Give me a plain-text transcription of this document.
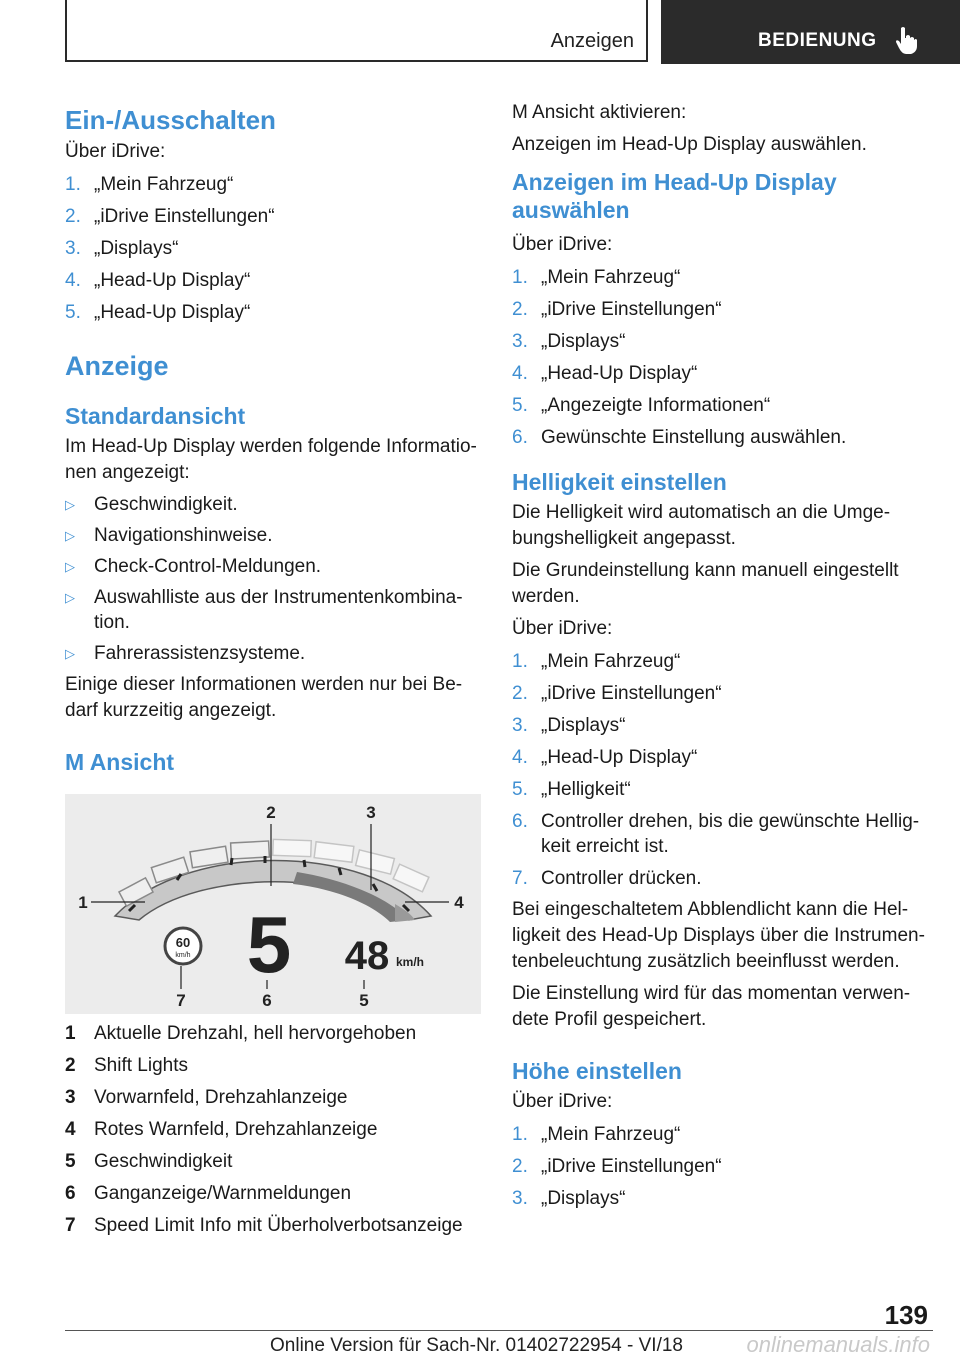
Anzeigen	BEDIENUNG
Ein-/Ausschalten

Über iDrive:

1. „Mein Fahrzeug“
2. „iDrive Einstellungen“
3. „Displays“
4. „Head-Up Display“
5. „Head-Up Display“
Anzeige
Standardansicht

Im Head-Up Display werden folgende Informatio-nen angezeigt:

▷	Geschwindigkeit.
▷	Navigationshinweise.
▷	Check-Control-Meldungen.
▷	Auswahlliste aus der Instrumentenkombina-tion.
▷	Fahrerassistenzsysteme.

Einige dieser Informationen werden nur bei Be-darf kurzzeitig angezeigt.

M Ansicht
60
km/h 5 48 km/h
1
2	3
4
5
6
7
1 Aktuelle Drehzahl, hell hervorgehoben
2 Shift Lights
3 Vorwarnfeld, Drehzahlanzeige
4 Rotes Warnfeld, Drehzahlanzeige
5 Geschwindigkeit
6 Ganganzeige/Warnmeldungen
7 Speed Limit Info mit Überholverbotsanzeige

M Ansicht aktivieren:

Anzeigen im Head-Up Display auswählen.

Anzeigen im Head-Up Display auswählen

Über iDrive:

1. „Mein Fahrzeug“
2. „iDrive Einstellungen“
3. „Displays“
4. „Head-Up Display“
5. „Angezeigte Informationen“
6. Gewünschte Einstellung auswählen.
Helligkeit einstellen

Die Helligkeit wird automatisch an die Umge-bungshelligkeit angepasst.

Die Grundeinstellung kann manuell eingestellt werden.

Über iDrive:

1. „Mein Fahrzeug“
2. „iDrive Einstellungen“
3. „Displays“
4. „Head-Up Display“
5. „Helligkeit“
6. Controller drehen, bis die gewünschte Hellig-keit erreicht ist.
7. Controller drücken.

Bei eingeschaltetem Abblendlicht kann die Hel-ligkeit des Head-Up Displays über die Instrumen-tenbeleuchtung zusätzlich beeinflusst werden.

Die Einstellung wird für das momentan verwen-dete Profil gespeichert.

Höhe einstellen

Über iDrive:

1. „Mein Fahrzeug“
2. „iDrive Einstellungen“
3. „Displays“
139
Online Version für Sach-Nr. 01402722954 - VI/18	onlinemanuals.info
